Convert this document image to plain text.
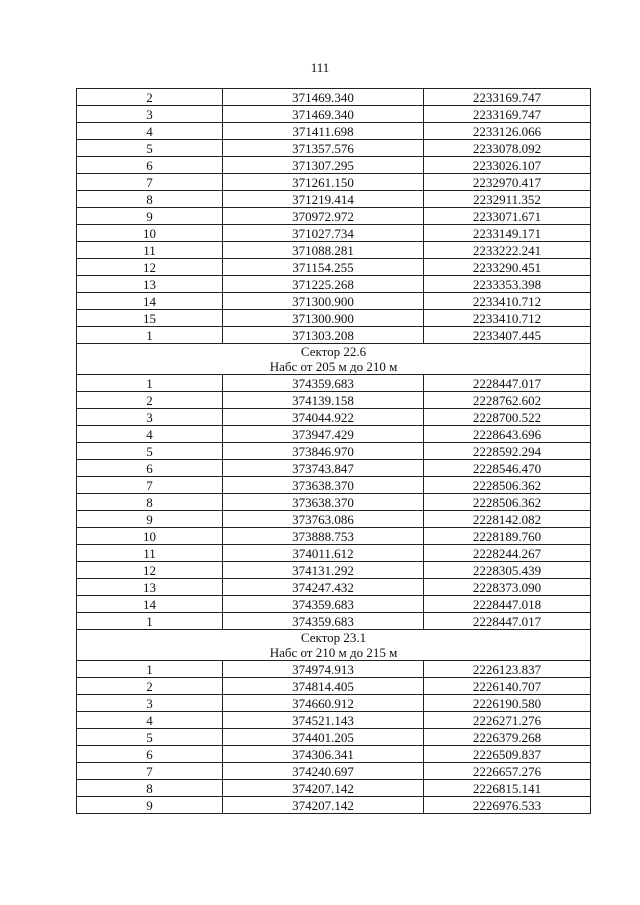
111
2	371469.340	2233169.747
3	371469.340	2233169.747
4	371411.698	2233126.066
5	371357.576	2233078.092
6	371307.295	2233026.107
7	371261.150	2232970.417
8	371219.414	2232911.352
9	370972.972	2233071.671
10	371027.734	2233149.171
11	371088.281	2233222.241
12	371154.255	2233290.451
13	371225.268	2233353.398
14	371300.900	2233410.712
15	371300.900	2233410.712
1	371303.208	2233407.445

Сектор 22.6
Набс от 205 м до 210 м		

1	374359.683	2228447.017
2	374139.158	2228762.602
3	374044.922	2228700.522
4	373947.429	2228643.696
5	373846.970	2228592.294
6	373743.847	2228546.470
7	373638.370	2228506.362
8	373638.370	2228506.362
9	373763.086	2228142.082
10	373888.753	2228189.760
11	374011.612	2228244.267
12	374131.292	2228305.439
13	374247.432	2228373.090
14	374359.683	2228447.018
1	374359.683	2228447.017

Сектор 23.1
Набс от 210 м до 215 м		

1	374974.913	2226123.837
2	374814.405	2226140.707
3	374660.912	2226190.580
4	374521.143	2226271.276
5	374401.205	2226379.268
6	374306.341	2226509.837
7	374240.697	2226657.276
8	374207.142	2226815.141
9	374207.142	2226976.533
